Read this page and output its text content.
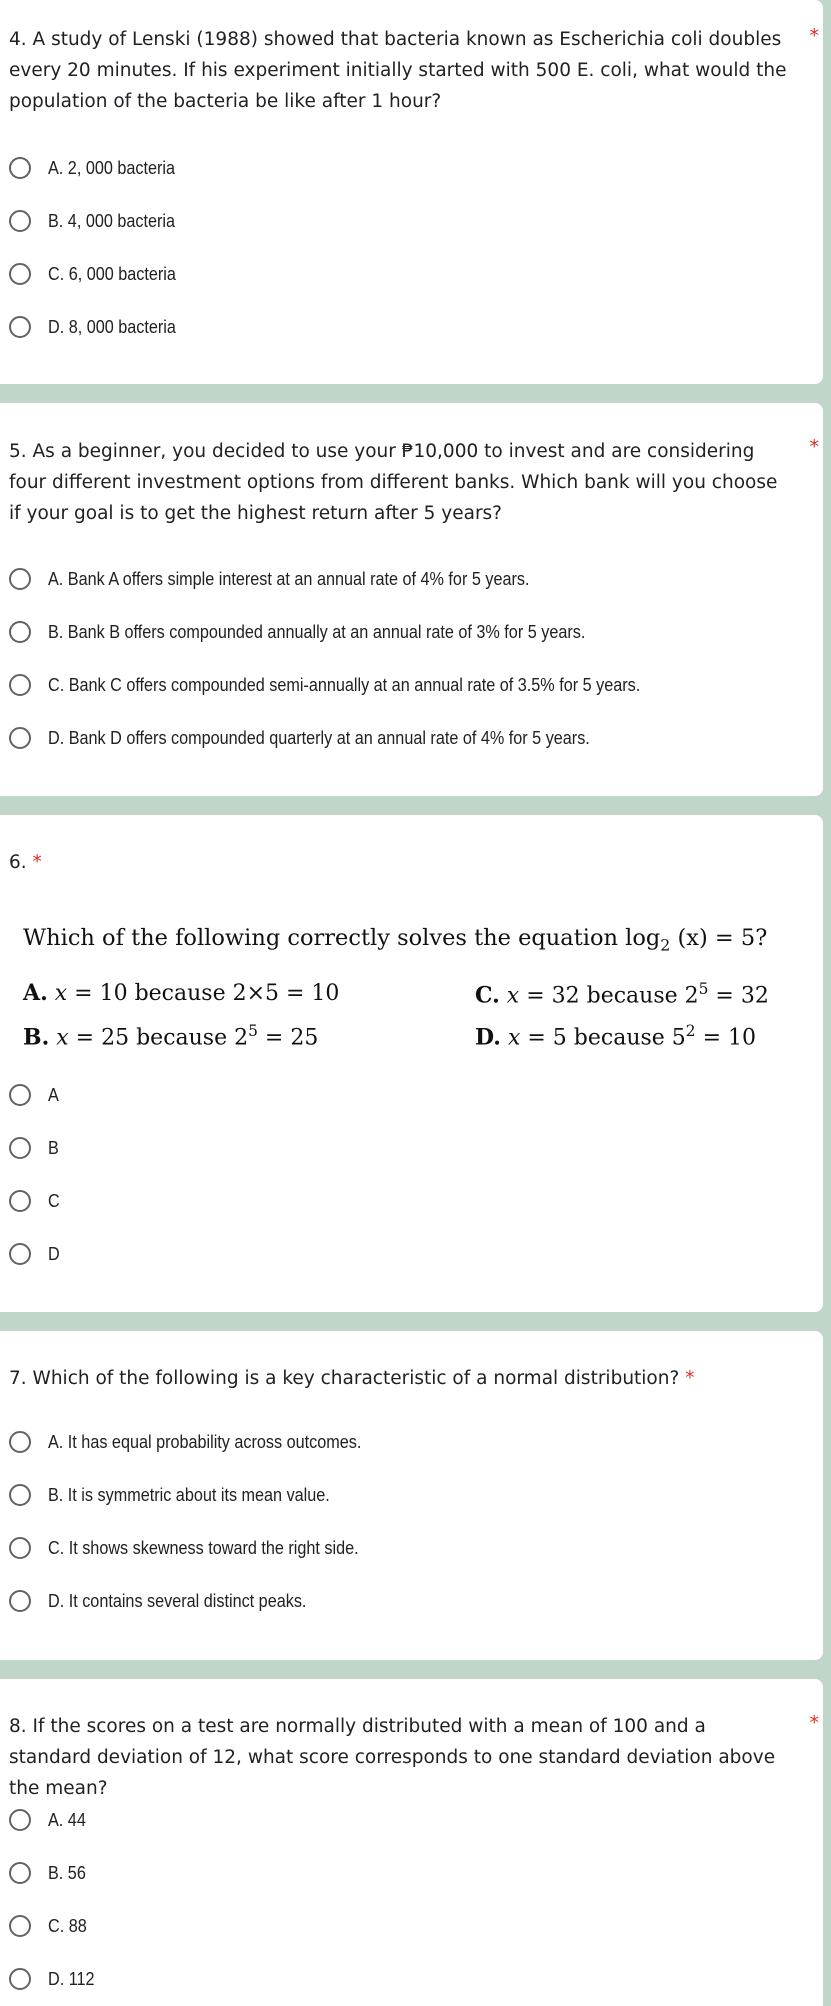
4. A study of Lenski (1988) showed that bacteria known as Escherichia coli doubles every 20 minutes. If his experiment initially started with 500 E. coli, what would the population of the bacteria be like after 1 hour?
*
A. 2, 000 bacteria
B. 4, 000 bacteria
C. 6, 000 bacteria
D. 8, 000 bacteria
5. As a beginner, you decided to use your ₱10,000 to invest and are considering four different investment options from different banks. Which bank will you choose if your goal is to get the highest return after 5 years?
*
A. Bank A offers simple interest at an annual rate of 4% for 5 years.
B. Bank B offers compounded annually at an annual rate of 3% for 5 years.
C. Bank C offers compounded semi-annually at an annual rate of 3.5% for 5 years.
D. Bank D offers compounded quarterly at an annual rate of 4% for 5 years.
6. *
Which of the following correctly solves the equation $\log_2 (x) = 5$?
A. x = 10 because 2×5 = 10	C. x = 32 because $2^5 = 32$
B. x = 25 because $2^5 = 25$	D. x = 5 because $5^2 = 10$
A
B
C
D
7. Which of the following is a key characteristic of a normal distribution? *
A. It has equal probability across outcomes.
B. It is symmetric about its mean value.
C. It shows skewness toward the right side.
D. It contains several distinct peaks.
8. If the scores on a test are normally distributed with a mean of 100 and a standard deviation of 12, what score corresponds to one standard deviation above the mean?
*
A. 44
B. 56
C. 88
D. 112
